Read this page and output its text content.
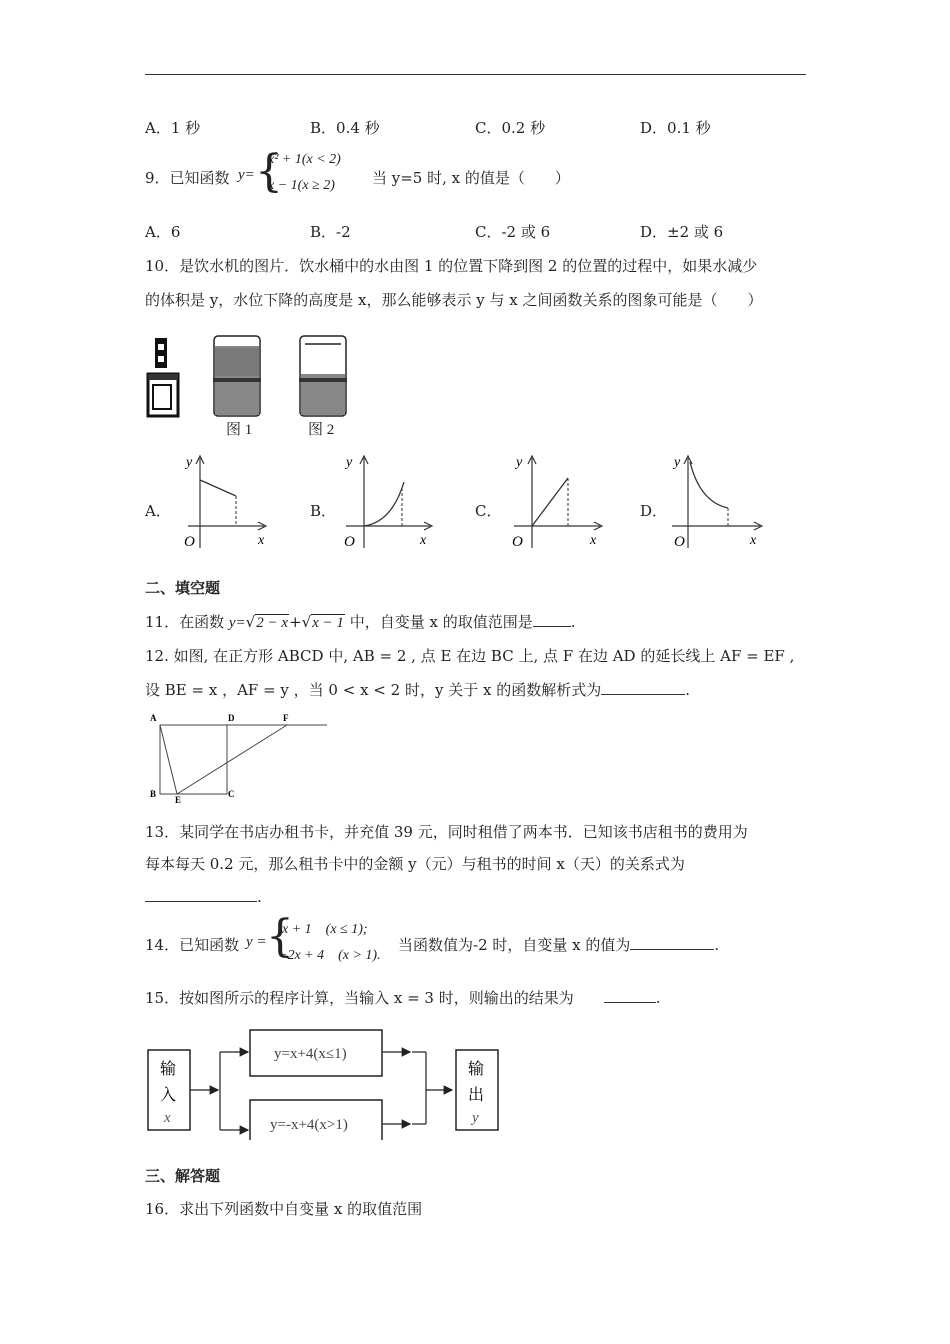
A．1 秒	B．0.4 秒	C．0.2 秒	D．0.1 秒
9．已知函数 y= {
x² + 1(x < 2)
x − 1(x ≥ 2) 当 y=5 时, x 的值是（　　）
A．6	B．-2	C．-2 或 6	D．±2 或 6
10．是饮水机的图片．饮水桶中的水由图 1 的位置下降到图 2 的位置的过程中，如果水减少
的体积是 y，水位下降的高度是 x，那么能够表示 y 与 x 之间函数关系的图象可能是（　　）
图 1	图 2
A．
y
x
O
B．
y
x
O
C．
y
x
O
D．
y
x
O
二、填空题
11．在函数 y=√2 − x+√x − 1 中，自变量 x 的取值范围是	.
12. 如图, 在正方形 ABCD 中, AB = 2 , 点 E 在边 BC 上, 点 F 在边 AD 的延长线上 AF = EF ,
设 BE = x ，AF = y ，当 0 < x < 2 时，y 关于 x 的函数解析式为	.
A	D	F
B
E
C
13．某同学在书店办租书卡，并充值 39 元，同时租借了两本书．已知该书店租书的费用为
每本每天 0.2 元，那么租书卡中的金额 y（元）与租书的时间 x（天）的关系式为
.
14．已知函数 y = {
x + 1　(x ≤ 1);
−2x + 4　(x > 1).
当函数值为-2 时，自变量 x 的值为	.
15．按如图所示的程序计算，当输入 x = 3 时，则输出的结果为	.
输
入
x
y=x+4(x≤1)
y=-x+4(x>1)
输
出
y
三、解答题
16．求出下列函数中自变量 x 的取值范围
